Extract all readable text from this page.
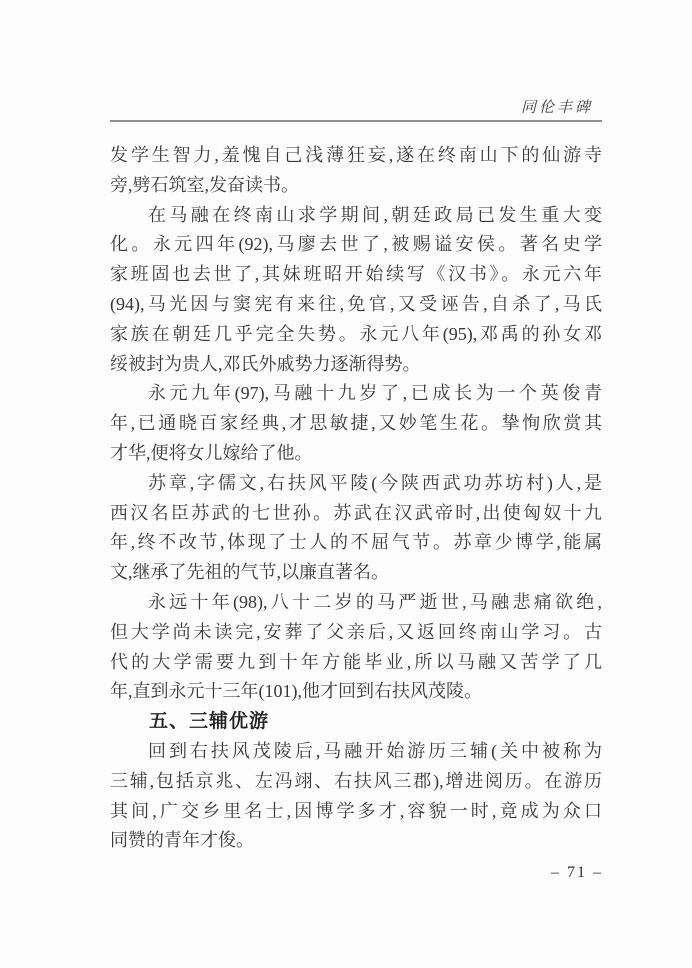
同伦丰碑
发学生智力,羞愧自己浅薄狂妄,遂在终南山下的仙游寺
旁,劈石筑室,发奋读书。
在马融在终南山求学期间,朝廷政局已发生重大变
化。永元四年(92),马廖去世了,被赐谥安侯。著名史学
家班固也去世了,其妹班昭开始续写《汉书》。永元六年
(94),马光因与窦宪有来往,免官,又受诬告,自杀了,马氏
家族在朝廷几乎完全失势。永元八年(95),邓禹的孙女邓
绥被封为贵人,邓氏外戚势力逐渐得势。
永元九年(97),马融十九岁了,已成长为一个英俊青
年,已通晓百家经典,才思敏捷,又妙笔生花。挚恂欣赏其
才华,便将女儿嫁给了他。
苏章,字儒文,右扶风平陵(今陕西武功苏坊村)人,是
西汉名臣苏武的七世孙。苏武在汉武帝时,出使匈奴十九
年,终不改节,体现了士人的不屈气节。苏章少博学,能属
文,继承了先祖的气节,以廉直著名。
永远十年(98),八十二岁的马严逝世,马融悲痛欲绝,
但大学尚未读完,安葬了父亲后,又返回终南山学习。古
代的大学需要九到十年方能毕业,所以马融又苦学了几
年,直到永元十三年(101),他才回到右扶风茂陵。
五、三辅优游
回到右扶风茂陵后,马融开始游历三辅(关中被称为
三辅,包括京兆、左冯翊、右扶风三郡),增进阅历。在游历
其间,广交乡里名士,因博学多才,容貌一时,竟成为众口
同赞的青年才俊。
– 71 –
